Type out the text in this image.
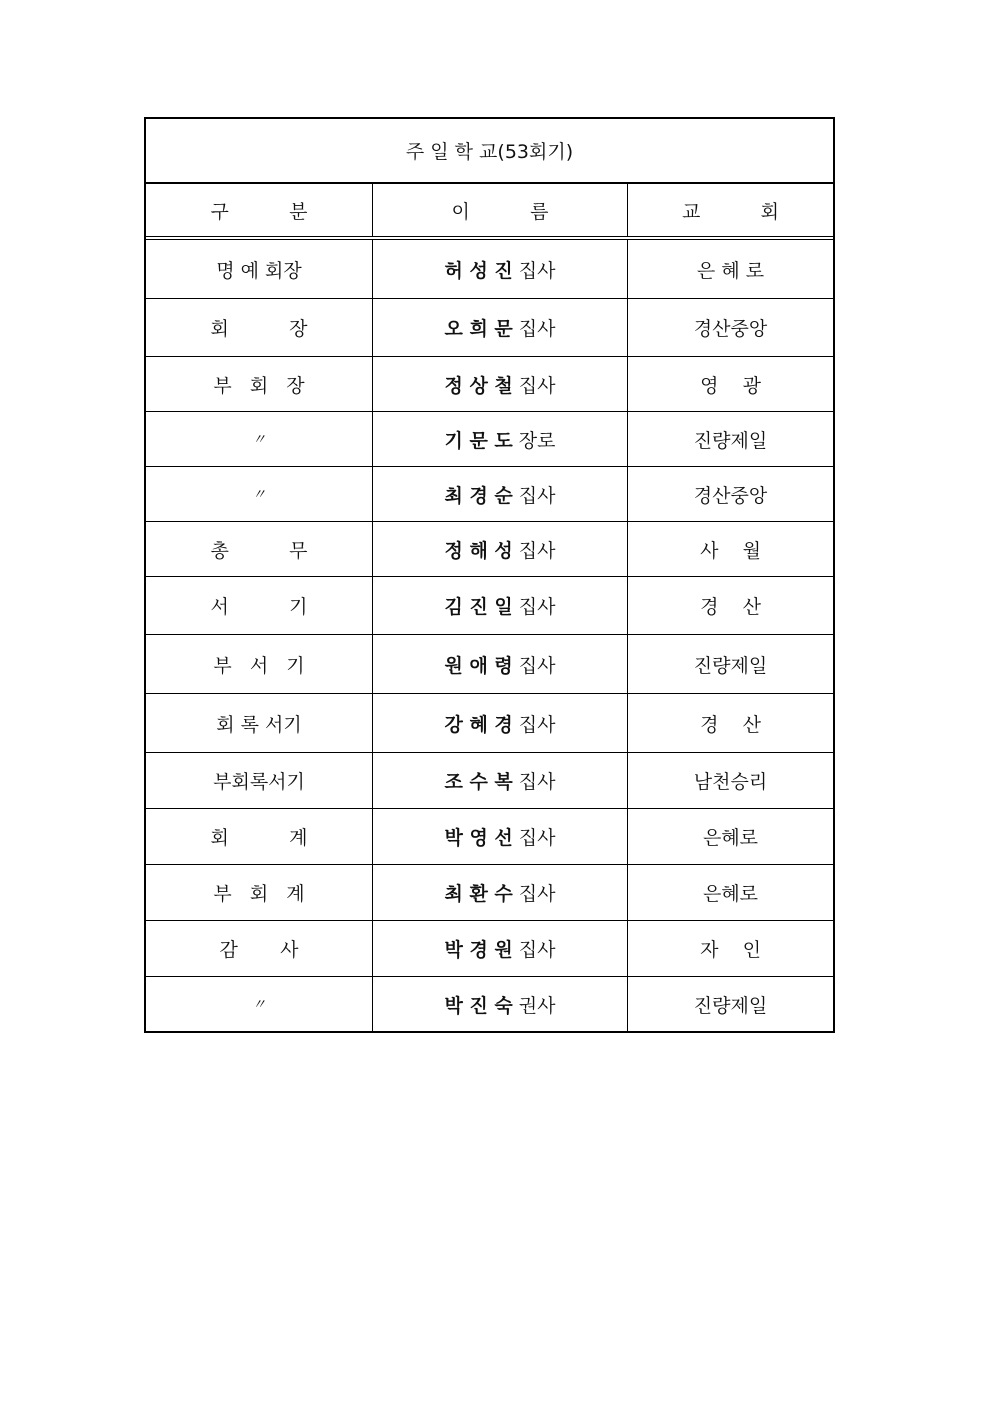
주 일 학 교(53회기)
구          분	이          름	교          회
명 예 회장	허 성 진 집사	은 혜 로
회          장	오 희 문 집사	경산중앙
부   회   장	정 상 철 집사	영    광
〃	기 문 도 장로	진량제일
〃	최 경 순 집사	경산중앙
총          무	정 해 성 집사	사    월
서          기	김 진 일 집사	경    산
부   서   기	원 애 령 집사	진량제일
회 록 서기	강 혜 경 집사	경    산
부회록서기	조 수 복 집사	남천승리
회          계	박 영 선 집사	은혜로
부   회   계	최 환 수 집사	은혜로
감       사	박 경 원 집사	자    인
〃	박 진 숙 권사	진량제일
